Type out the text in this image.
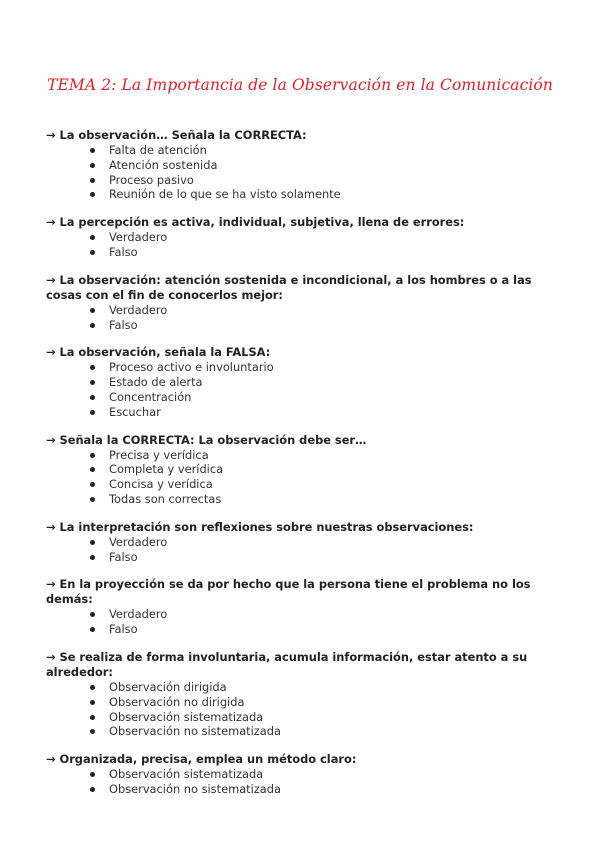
TEMA 2: La Importancia de la Observación en la Comunicación
→ La observación… Señala la CORRECTA:
Falta de atención
Atención sostenida
Proceso pasivo
Reunión de lo que se ha visto solamente
→ La percepción es activa, individual, subjetiva, llena de errores:
Verdadero
Falso
→ La observación: atención sostenida e incondicional, a los hombres o a las cosas con el fin de conocerlos mejor:
Verdadero
Falso
→ La observación, señala la FALSA:
Proceso activo e involuntario
Estado de alerta
Concentración
Escuchar
→ Señala la CORRECTA: La observación debe ser…
Precisa y verídica
Completa y verídica
Concisa y verídica
Todas son correctas
→ La interpretación son reflexiones sobre nuestras observaciones:
Verdadero
Falso
→ En la proyección se da por hecho que la persona tiene el problema no los demás:
Verdadero
Falso
→ Se realiza de forma involuntaria, acumula información, estar atento a su alrededor:
Observación dirigida
Observación no dirigida
Observación sistematizada
Observación no sistematizada
→ Organizada, precisa, emplea un método claro:
Observación sistematizada
Observación no sistematizada
